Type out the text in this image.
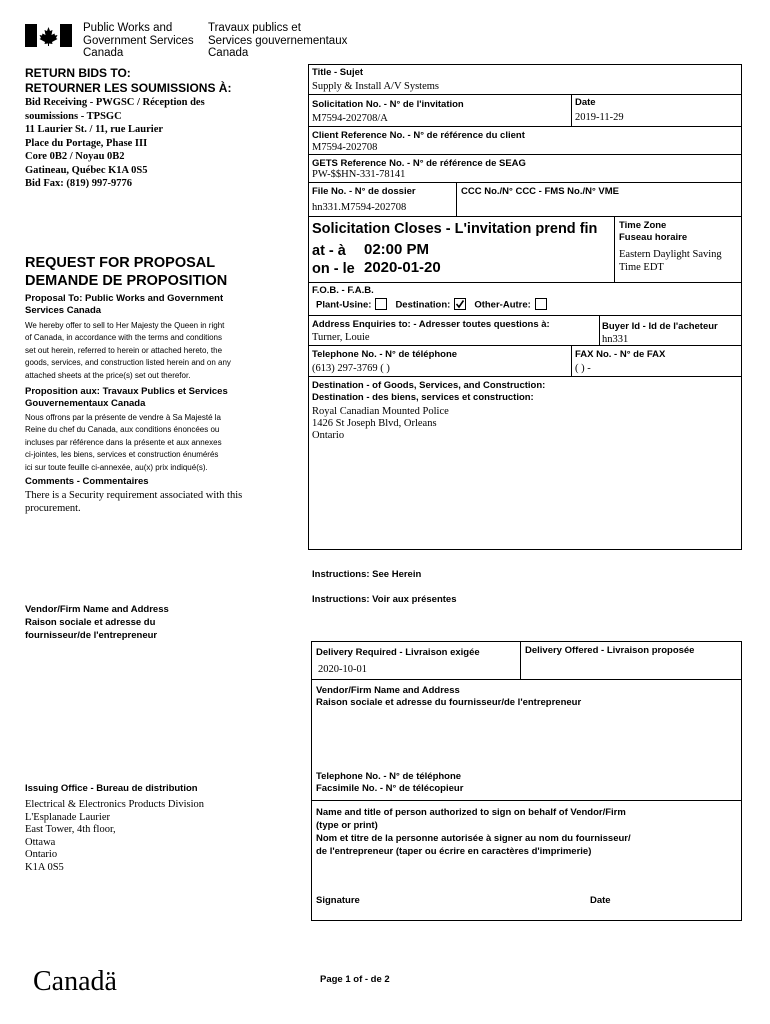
Public Works and
Government Services
Canada
Travaux publics et
Services gouvernementaux
Canada
RETURN BIDS TO:
RETOURNER LES SOUMISSIONS À:
Bid Receiving - PWGSC / Réception des
soumissions - TPSGC
11 Laurier St. / 11, rue Laurier
Place du Portage, Phase III
Core 0B2 / Noyau 0B2
Gatineau, Québec K1A 0S5
Bid Fax: (819) 997-9776
REQUEST FOR PROPOSAL
DEMANDE DE PROPOSITION
Proposal To: Public Works and Government
Services Canada
We hereby offer to sell to Her Majesty the Queen in right
of Canada, in accordance with the terms and conditions
set out herein, referred to herein or attached hereto, the
goods, services, and construction listed herein and on any
attached sheets at the price(s) set out therefor.
Proposition aux: Travaux Publics et Services
Gouvernementaux Canada
Nous offrons par la présente de vendre à Sa Majesté la
Reine du chef du Canada, aux conditions énoncées ou
incluses par référence dans la présente et aux annexes
ci-jointes, les biens, services et construction énumérés
ici sur toute feuille ci-annexée, au(x) prix indiqué(s).
Comments - Commentaires
There is a Security requirement associated with this
procurement.
Vendor/Firm Name and Address
Raison sociale et adresse du
fournisseur/de l'entrepreneur
Issuing Office - Bureau de distribution
Electrical & Electronics Products Division
L'Esplanade Laurier
East Tower, 4th floor,
Ottawa
Ontario
K1A 0S5
Title - Sujet
Supply & Install A/V Systems
Solicitation No. - N° de l'invitation
M7594-202708/A
Date
2019-11-29
Client Reference No. - N° de référence du client
M7594-202708
GETS Reference No. - N° de référence de SEAG
PW-$$HN-331-78141
File No. - N° de dossier
hn331.M7594-202708
CCC No./N° CCC - FMS No./N° VME
Solicitation Closes - L'invitation prend fin
at - à 02:00 PM
on - le 2020-01-20
Time Zone
Fuseau horaire
Eastern Daylight Saving
Time EDT
F.O.B. - F.A.B.
Plant-Usine:	Destination:	Other-Autre:
Address Enquiries to: - Adresser toutes questions à:
Turner, Louie
Buyer Id - Id de l'acheteur
hn331
Telephone No. - N° de téléphone
(613) 297-3769 ( )
FAX No. - N° de FAX
( ) -
Destination - of Goods, Services, and Construction:
Destination - des biens, services et construction:
Royal Canadian Mounted Police
1426 St Joseph Blvd, Orleans
Ontario
Instructions: See Herein
Instructions: Voir aux présentes
Delivery Required - Livraison exigée
2020-10-01
Delivery Offered - Livraison proposée
Vendor/Firm Name and Address
Raison sociale et adresse du fournisseur/de l'entrepreneur
Telephone No. - N° de téléphone
Facsimile No. - N° de télécopieur
Name and title of person authorized to sign on behalf of Vendor/Firm
(type or print)
Nom et titre de la personne autorisée à signer au nom du fournisseur/
de l'entrepreneur (taper ou écrire en caractères d'imprimerie)
Signature	Date
Canadä	Page 1 of - de 2
